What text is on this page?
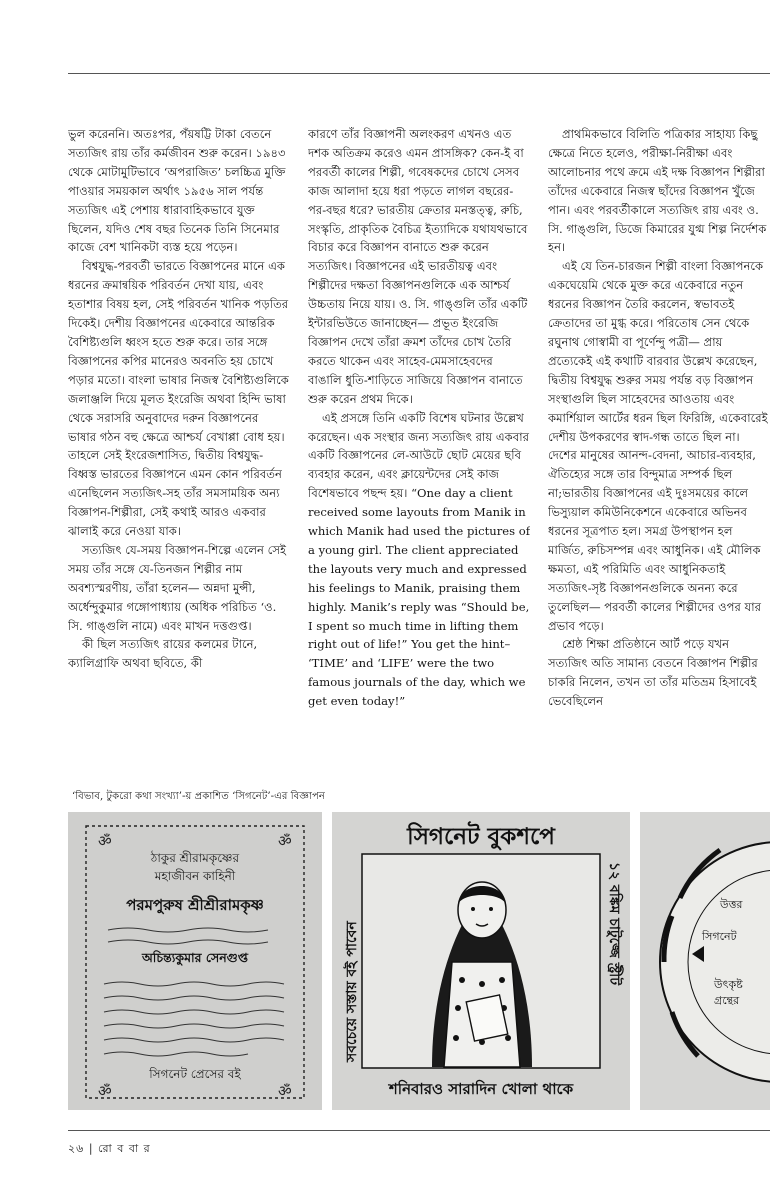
ভুল করেননি। অতঃপর, পঁয়ষট্টি টাকা বেতনে সত্যজিৎ রায় তাঁর কর্মজীবন শুরু করেন। ১৯৪৩ থেকে মোটামুটিভাবে ‘অপরাজিত’ চলচ্চিত্র মুক্তি পাওয়ার সময়কাল অর্থাৎ ১৯৫৬ সাল পর্যন্ত সত্যজিৎ এই পেশায় ধারাবাহিকভাবে যুক্ত ছিলেন, যদিও শেষ বছর তিনেক তিনি সিনেমার কাজে বেশ খানিকটা ব্যস্ত হয়ে পড়েন।
বিশ্বযুদ্ধ-পরবর্তী ভারতে বিজ্ঞাপনের মানে এক ধরনের ক্রমান্বয়িক পরিবর্তন দেখা যায়, এবং হতাশার বিষয় হল, সেই পরিবর্তন খানিক পড়তির দিকেই। দেশীয় বিজ্ঞাপনের একেবারে আন্তরিক বৈশিষ্ট্যগুলি ধ্বংস হতে শুরু করে। তার সঙ্গে বিজ্ঞাপনের কপির মানেরও অবনতি হয় চোখে পড়ার মতো। বাংলা ভাষার নিজস্ব বৈশিষ্ট্যগুলিকে জলাঞ্জলি দিয়ে মূলত ইংরেজি অথবা হিন্দি ভাষা থেকে সরাসরি অনুবাদের দরুন বিজ্ঞাপনের ভাষার গঠন বহু ক্ষেত্রে আশ্চর্য বেখাপ্পা বোধ হয়। তাহলে সেই ইংরেজশাসিত, দ্বিতীয় বিশ্বযুদ্ধ-বিধ্বস্ত ভারতের বিজ্ঞাপনে এমন কোন পরিবর্তন এনেছিলেন সত্যজিৎ-সহ তাঁর সমসাময়িক অন্য বিজ্ঞাপন-শিল্পীরা, সেই কথাই আরও একবার ঝালাই করে নেওয়া যাক।
সত্যজিৎ যে-সময় বিজ্ঞাপন-শিল্পে এলেন সেই সময় তাঁর সঙ্গে যে-তিনজন শিল্পীর নাম অবশ্যস্মরণীয়, তাঁরা হলেন— অন্নদা মুন্সী, অর্ধেন্দুকুমার গঙ্গোপাধ্যায় (অধিক পরিচিত ‘ও. সি. গাঙ্গুলি নামে) এবং মাখন দত্তগুপ্ত।
কী ছিল সত্যজিৎ রায়ের কলমের টানে, ক্যালিগ্রাফি অথবা ছবিতে, কী
কারণে তাঁর বিজ্ঞাপনী অলংকরণ এখনও এত দশক অতিক্রম করেও এমন প্রাসঙ্গিক? কেন-ই বা পরবর্তী কালের শিল্পী, গবেষকদের চোখে সেসব কাজ আলাদা হয়ে ধরা পড়তে লাগল বছরের-পর-বছর ধরে? ভারতীয় ক্রেতার মনস্তত্ত্ব, রুচি, সংস্কৃতি, প্রাকৃতিক বৈচিত্র ইত্যাদিকে যথাযথভাবে বিচার করে বিজ্ঞাপন বানাতে শুরু করেন সত্যজিৎ। বিজ্ঞাপনের এই ভারতীয়ত্ব এবং শিল্পীদের দক্ষতা বিজ্ঞাপনগুলিকে এক আশ্চর্য উচ্চতায় নিয়ে যায়। ও. সি. গাঙ্গুলি তাঁর একটি ইন্টারভিউতে জানাচ্ছেন— প্রভূত ইংরেজি বিজ্ঞাপন দেখে তাঁরা ক্রমশ তাঁদের চোখ তৈরি করতে থাকেন এবং সাহেব-মেমসাহেবদের বাঙালি ধুতি-শাড়িতে সাজিয়ে বিজ্ঞাপন বানাতে শুরু করেন প্রথম দিকে।
এই প্রসঙ্গে তিনি একটি বিশেষ ঘটনার উল্লেখ করেছেন। এক সংস্থার জন্য সত্যজিৎ রায় একবার একটি বিজ্ঞাপনের লে-আউটে ছোট মেয়ের ছবি ব্যবহার করেন, এবং ক্লায়েন্টদের সেই কাজ বিশেষভাবে পছন্দ হয়। “One day a client received some layouts from Manik in which Manik had used the pictures of a young girl. The client appreciated the layouts very much and expressed his feelings to Manik, praising them highly. Manik’s reply was “Should be, I spent so much time in lifting them right out of life!” You get the hint– ‘TIME’ and ‘LIFE’ were the two famous journals of the day, which we get even today!”
প্রাথমিকভাবে বিলিতি পত্রিকার সাহায্য কিছু ক্ষেত্রে নিতে হলেও, পরীক্ষা-নিরীক্ষা এবং আলোচনার পথে ক্রমে এই দক্ষ বিজ্ঞাপন শিল্পীরা তাঁদের একেবারে নিজস্ব ছাঁদের বিজ্ঞাপন খুঁজে পান। এবং পরবর্তীকালে সত্যজিৎ রায় এবং ও. সি. গাঙ্গুলি, ডিজে কিমারের যুগ্ম শিল্প নির্দেশক হন।
এই যে তিন-চারজন শিল্পী বাংলা বিজ্ঞাপনকে একঘেয়েমি থেকে মুক্ত করে একেবারে নতুন ধরনের বিজ্ঞাপন তৈরি করলেন, স্বভাবতই ক্রেতাদের তা মুগ্ধ করে। পরিতোষ সেন থেকে রঘুনাথ গোস্বামী বা পূর্ণেন্দু পত্রী— প্রায় প্রত্যেকেই এই কথাটি বারবার উল্লেখ করেছেন, দ্বিতীয় বিশ্বযুদ্ধ শুরুর সময় পর্যন্ত বড় বিজ্ঞাপন সংস্থাগুলি ছিল সাহেবদের আওতায় এবং কমার্শিয়াল আর্টের ধরন ছিল ফিরিঙ্গি, একেবারেই দেশীয় উপকরণের স্বাদ-গন্ধ তাতে ছিল না। দেশের মানুষের আনন্দ-বেদনা, আচার-ব্যবহার, ঐতিহ্যের সঙ্গে তার বিন্দুমাত্র সম্পর্ক ছিল না;ভারতীয় বিজ্ঞাপনের এই দুঃসময়ের কালে ভিস্যুয়াল কমিউনিকেশনে একেবারে অভিনব ধরনের সূত্রপাত হল। সমগ্র উপস্থাপন হল মার্জিত, রুচিসম্পন্ন এবং আধুনিক। এই মৌলিক ক্ষমতা, এই পরিমিতি এবং আধুনিকতাই সত্যজিৎ-সৃষ্ট বিজ্ঞাপনগুলিকে অনন্য করে তুলেছিল— পরবর্তী কালের শিল্পীদের ওপর যার প্রভাব পড়ে।
শ্রেষ্ঠ শিক্ষা প্রতিষ্ঠানে আর্ট পড়ে যখন সত্যজিৎ অতি সামান্য বেতনে বিজ্ঞাপন শিল্পীর চাকরি নিলেন, তখন তা তাঁর মতিভ্রম হিসাবেই ভেবেছিলেন
‘বিভাব, টুকরো কথা সংখ্যা’-য় প্রকাশিত ‘সিগনেট’-এর বিজ্ঞাপন
ॐ	ॐ
ॐ	ॐ
ঠাকুর শ্রীরামকৃষ্ণের
মহাজীবন কাহিনী
পরমপুরুষ শ্রীশ্রীরামকৃষ্ণ
অচিন্ত্যকুমার সেনগুপ্ত
সিগনেট প্রেসের বই
সিগনেট বুকশপে
সবচেয়ে সস্তায় বই পাবেন	১২ বঙ্কিম চাটুজ্জে স্ট্রীট
শনিবারও সারাদিন খোলা থাকে
উত্তর
সিগনেট
উৎকৃষ্ট
গ্রন্থের
২৬ | রো ব বা র
